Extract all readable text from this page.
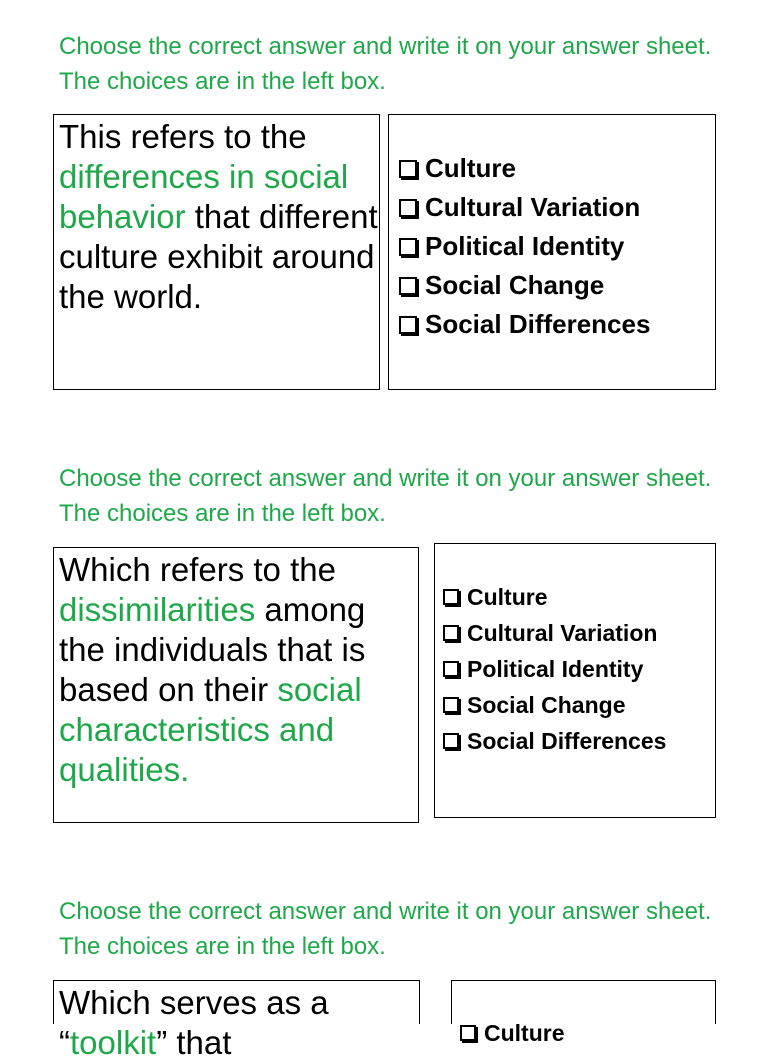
Choose the correct answer and write it on your answer sheet. The choices are in the left box.
This refers to the differences in social behavior that different culture exhibit around the world.
Culture
Cultural Variation
Political Identity
Social Change
Social Differences
Choose the correct answer and write it on your answer sheet. The choices are in the left box.
Which refers to the dissimilarities among the individuals that is based on their social characteristics and qualities.
Culture
Cultural Variation
Political Identity
Social Change
Social Differences
Choose the correct answer and write it on your answer sheet. The choices are in the left box.
Which serves as a “toolkit” that	Culture
